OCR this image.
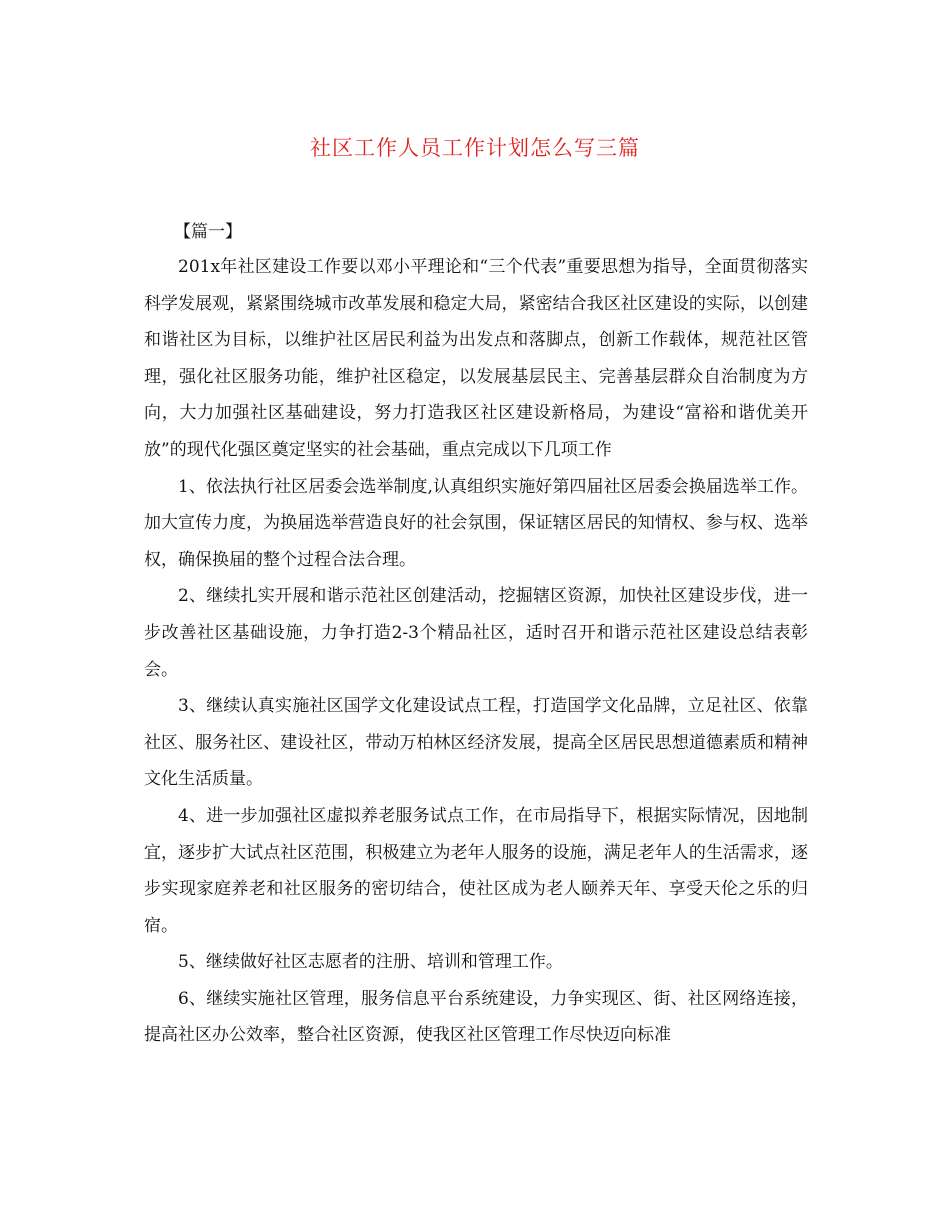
社区工作人员工作计划怎么写三篇

【篇一】

201x年社区建设工作要以邓小平理论和“三个代表”重要思想为指导，全面贯彻落实科学发展观，紧紧围绕城市改革发展和稳定大局，紧密结合我区社区建设的实际，以创建和谐社区为目标，以维护社区居民利益为出发点和落脚点，创新工作载体，规范社区管理，强化社区服务功能，维护社区稳定，以发展基层民主、完善基层群众自治制度为方向，大力加强社区基础建设，努力打造我区社区建设新格局，为建设“富裕和谐优美开放”的现代化强区奠定坚实的社会基础，重点完成以下几项工作

1、依法执行社区居委会选举制度,认真组织实施好第四届社区居委会换届选举工作。加大宣传力度，为换届选举营造良好的社会氛围，保证辖区居民的知情权、参与权、选举权，确保换届的整个过程合法合理。

2、继续扎实开展和谐示范社区创建活动，挖掘辖区资源，加快社区建设步伐，进一步改善社区基础设施，力争打造2-3个精品社区，适时召开和谐示范社区建设总结表彰会。

3、继续认真实施社区国学文化建设试点工程，打造国学文化品牌，立足社区、依靠社区、服务社区、建设社区，带动万柏林区经济发展，提高全区居民思想道德素质和精神文化生活质量。

4、进一步加强社区虚拟养老服务试点工作，在市局指导下，根据实际情况，因地制宜，逐步扩大试点社区范围，积极建立为老年人服务的设施，满足老年人的生活需求，逐步实现家庭养老和社区服务的密切结合，使社区成为老人颐养天年、享受天伦之乐的归宿。

5、继续做好社区志愿者的注册、培训和管理工作。

6、继续实施社区管理，服务信息平台系统建设，力争实现区、街、社区网络连接，提高社区办公效率，整合社区资源，使我区社区管理工作尽快迈向标准
